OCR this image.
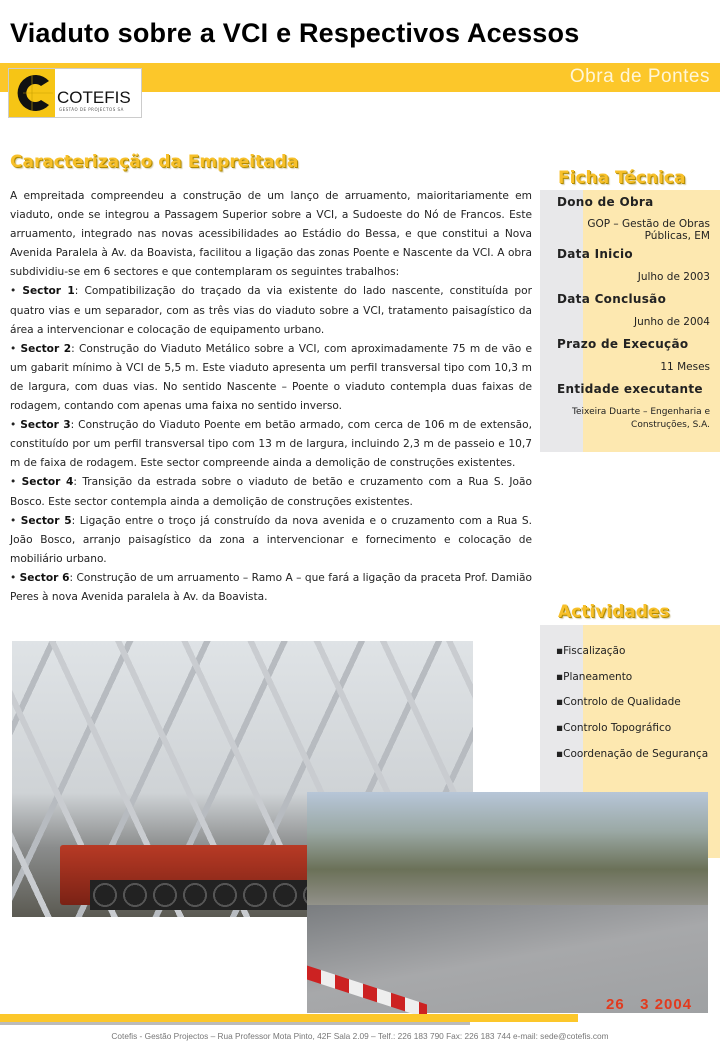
Viaduto sobre a VCI e Respectivos Acessos
Obra de Pontes
COTEFIS
GESTÃO DE PROJECTOS SA
Caracterização da Empreitada

A empreitada compreendeu a construção de um lanço de arruamento, maioritariamente em viaduto, onde se integrou a Passagem Superior sobre a VCI, a Sudoeste do Nó de Francos. Este arruamento, integrado nas novas acessibilidades ao Estádio do Bessa, e que constitui a Nova Avenida Paralela à Av. da Boavista, facilitou a ligação das zonas Poente e Nascente da VCI. A obra subdividiu-se em 6 sectores e que contemplaram os seguintes trabalhos:

• Sector 1: Compatibilização do traçado da via existente do lado nascente, constituída por quatro vias e um separador, com as três vias do viaduto sobre a VCI, tratamento paisagístico da área a intervencionar e colocação de equipamento urbano.

• Sector 2: Construção do Viaduto Metálico sobre a VCI, com aproximadamente 75 m de vão e um gabarit mínimo à VCI de 5,5 m. Este viaduto apresenta um perfil transversal tipo com 10,3 m de largura, com duas vias. No sentido Nascente – Poente o viaduto contempla duas faixas de rodagem, contando com apenas uma faixa no sentido inverso.

• Sector 3: Construção do Viaduto Poente em betão armado, com cerca de 106 m de extensão, constituído por um perfil transversal tipo com 13 m de largura, incluindo 2,3 m de passeio e 10,7 m de faixa de rodagem. Este sector compreende ainda a demolição de construções existentes.

• Sector 4: Transição da estrada sobre o viaduto de betão e cruzamento com a Rua S. João Bosco. Este sector contempla ainda a demolição de construções existentes.

• Sector 5: Ligação entre o troço já construído da nova avenida e o cruzamento com a Rua S. João Bosco, arranjo paisagístico da zona a intervencionar e fornecimento e colocação de mobiliário urbano.

• Sector 6: Construção de um arruamento – Ramo A – que fará a ligação da praceta Prof. Damião Peres à nova Avenida paralela à Av. da Boavista.

Ficha Técnica
Dono de Obra
GOP – Gestão de Obras
Públicas, EM
Data Inicio
Julho de 2003
Data Conclusão
Junho de 2004
Prazo de Execução
11 Meses
Entidade executante
Teixeira Duarte – Engenharia e
Construções, S.A.
Actividades
▪Fiscalização
▪Planeamento
▪Controlo de Qualidade
▪Controlo Topográfico
▪Coordenação de Segurança
26   3 2004
Cotefis - Gestão Projectos – Rua Professor Mota Pinto, 42F Sala 2.09 – Telf.: 226 183 790 Fax: 226 183 744 e-mail: sede@cotefis.com
